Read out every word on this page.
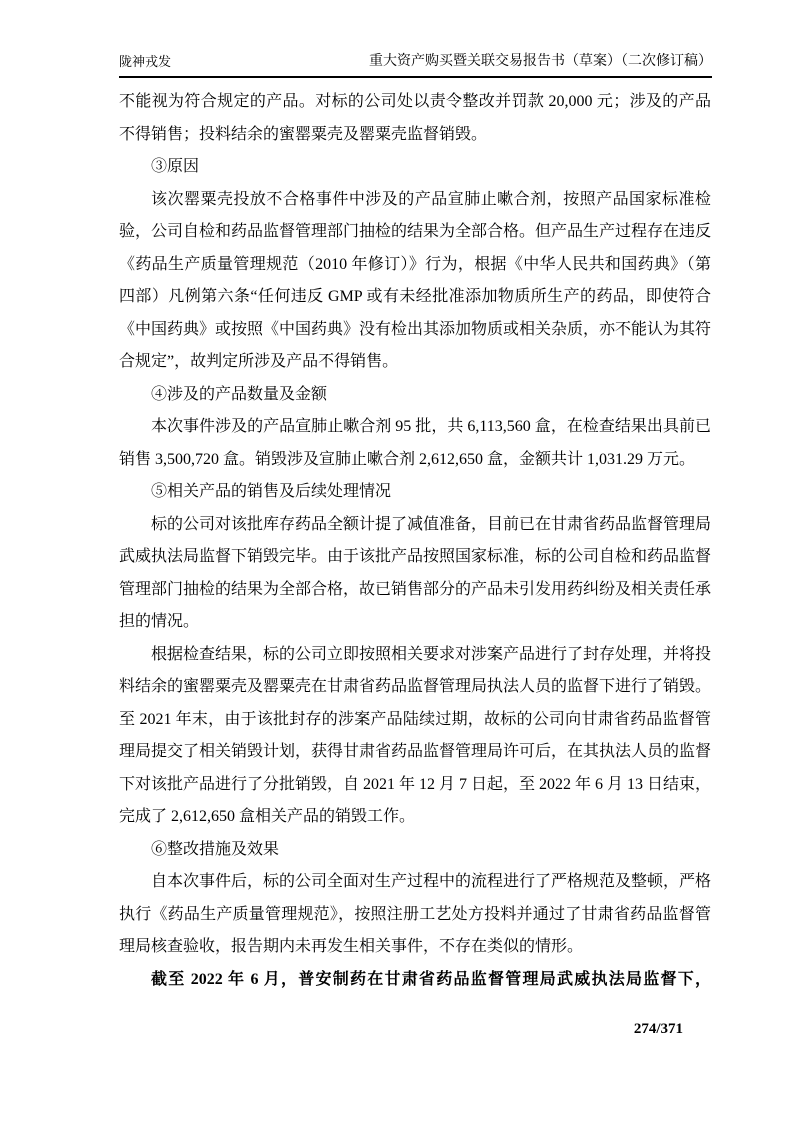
陇神戎发	重大资产购买暨关联交易报告书（草案）（二次修订稿）

不能视为符合规定的产品。对标的公司处以责令整改并罚款 20,000 元；涉及的产品不得销售；投料结余的蜜罂粟壳及罂粟壳监督销毁。

③原因

该次罂粟壳投放不合格事件中涉及的产品宣肺止嗽合剂，按照产品国家标准检验，公司自检和药品监督管理部门抽检的结果为全部合格。但产品生产过程存在违反《药品生产质量管理规范（2010 年修订）》行为，根据《中华人民共和国药典》（第四部）凡例第六条“任何违反 GMP 或有未经批准添加物质所生产的药品，即使符合《中国药典》或按照《中国药典》没有检出其添加物质或相关杂质，亦不能认为其符合规定”，故判定所涉及产品不得销售。

④涉及的产品数量及金额

本次事件涉及的产品宣肺止嗽合剂 95 批，共 6,113,560 盒，在检查结果出具前已销售 3,500,720 盒。销毁涉及宣肺止嗽合剂 2,612,650 盒，金额共计 1,031.29 万元。

⑤相关产品的销售及后续处理情况

标的公司对该批库存药品全额计提了减值准备，目前已在甘肃省药品监督管理局武威执法局监督下销毁完毕。由于该批产品按照国家标准，标的公司自检和药品监督管理部门抽检的结果为全部合格，故已销售部分的产品未引发用药纠纷及相关责任承担的情况。

根据检查结果，标的公司立即按照相关要求对涉案产品进行了封存处理，并将投料结余的蜜罂粟壳及罂粟壳在甘肃省药品监督管理局执法人员的监督下进行了销毁。至 2021 年末，由于该批封存的涉案产品陆续过期，故标的公司向甘肃省药品监督管理局提交了相关销毁计划，获得甘肃省药品监督管理局许可后，在其执法人员的监督下对该批产品进行了分批销毁，自 2021 年 12 月 7 日起，至 2022 年 6 月 13 日结束，完成了 2,612,650 盒相关产品的销毁工作。

⑥整改措施及效果

自本次事件后，标的公司全面对生产过程中的流程进行了严格规范及整顿，严格执行《药品生产质量管理规范》，按照注册工艺处方投料并通过了甘肃省药品监督管理局核查验收，报告期内未再发生相关事件，不存在类似的情形。

截至 2022 年 6 月，普安制药在甘肃省药品监督管理局武威执法局监督下，

274/371
